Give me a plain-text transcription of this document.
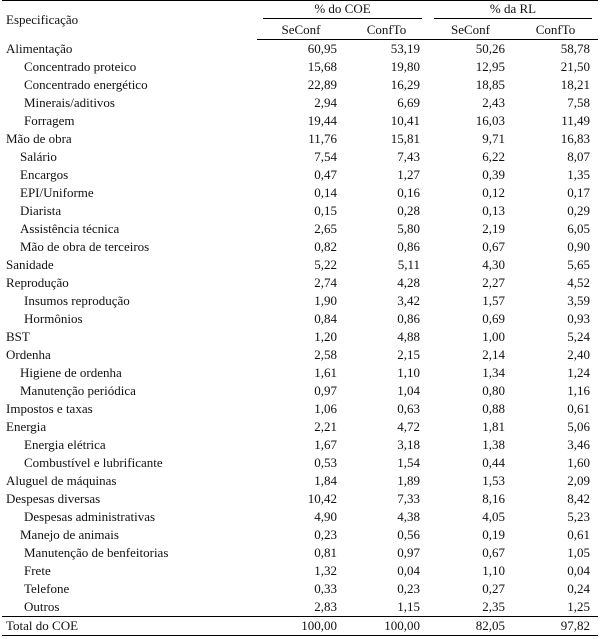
Especificação	% do COE		% da RL	

	SeConf	ConfTo	SeConf	ConfTo
Alimentação	60,95	53,19	50,26	58,78
Concentrado proteico	15,68	19,80	12,95	21,50
Concentrado energético	22,89	16,29	18,85	18,21
Minerais/aditivos	2,94	6,69	2,43	7,58
Forragem	19,44	10,41	16,03	11,49
Mão de obra	11,76	15,81	9,71	16,83
Salário	7,54	7,43	6,22	8,07
Encargos	0,47	1,27	0,39	1,35
EPI/Uniforme	0,14	0,16	0,12	0,17
Diarista	0,15	0,28	0,13	0,29
Assistência técnica	2,65	5,80	2,19	6,05
Mão de obra de terceiros	0,82	0,86	0,67	0,90
Sanidade	5,22	5,11	4,30	5,65
Reprodução	2,74	4,28	2,27	4,52
Insumos reprodução	1,90	3,42	1,57	3,59
Hormônios	0,84	0,86	0,69	0,93
BST	1,20	4,88	1,00	5,24
Ordenha	2,58	2,15	2,14	2,40
Higiene de ordenha	1,61	1,10	1,34	1,24
Manutenção periódica	0,97	1,04	0,80	1,16
Impostos e taxas	1,06	0,63	0,88	0,61
Energia	2,21	4,72	1,81	5,06
Energia elétrica	1,67	3,18	1,38	3,46
Combustível e lubrificante	0,53	1,54	0,44	1,60
Aluguel de máquinas	1,84	1,89	1,53	2,09
Despesas diversas	10,42	7,33	8,16	8,42
Despesas administrativas	4,90	4,38	4,05	5,23
Manejo de animais	0,23	0,56	0,19	0,61
Manutenção de benfeitorias	0,81	0,97	0,67	1,05
Frete	1,32	0,04	1,10	0,04
Telefone	0,33	0,23	0,27	0,24
Outros	2,83	1,15	2,35	1,25
Total do COE	100,00	100,00	82,05	97,82
